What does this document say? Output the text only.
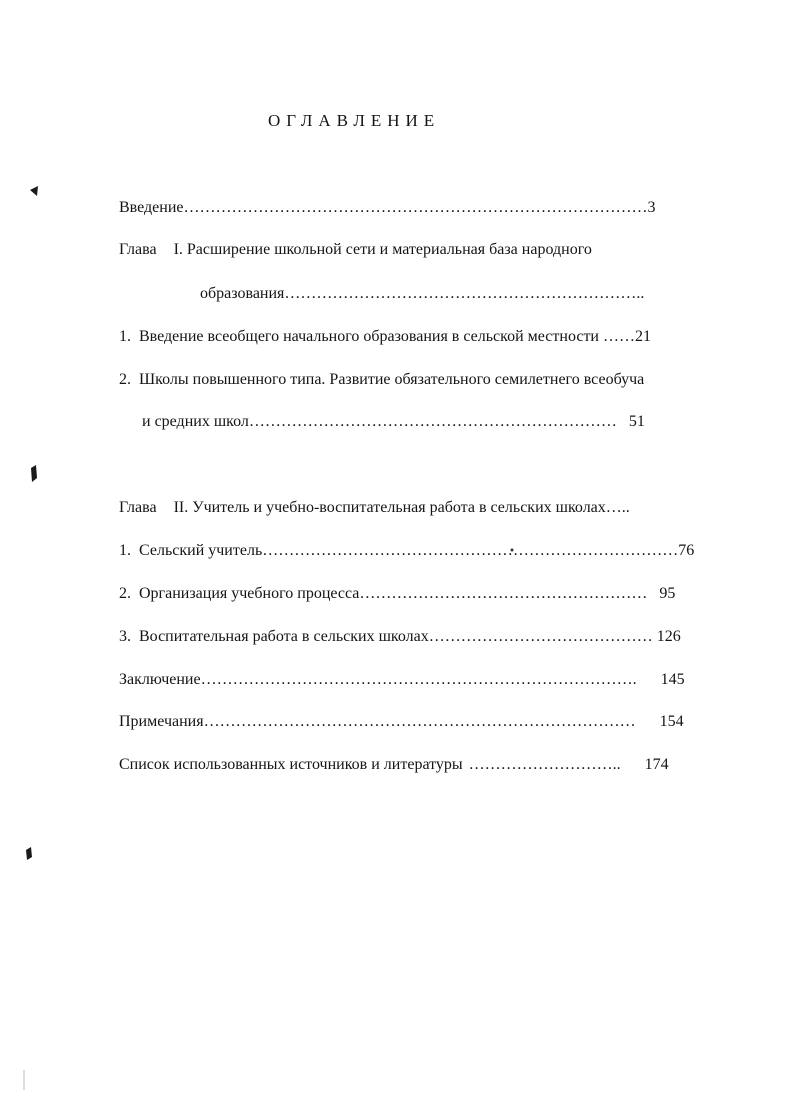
ОГЛАВЛЕНИЕ
Введение……………………………………………………………………………3
Глава I. Расширение школьной сети и материальная база народного
образования…………………………………………………………..
1. Введение всеобщего начального образования в сельской местности ……21
2. Школы повышенного типа. Развитие обязательного семилетнего всеобуча
и средних школ…………………………………………………………… 51
Глава II. Учитель и учебно-воспитательная работа в сельских школах…..
1. Сельский учитель……………………………………………………………………76
2. Организация учебного процесса……………………………………………… 95
3. Воспитательная работа в сельских школах…………………………………… 126
Заключение………………………………………………………………………. 145
Примечания……………………………………………………………………… 154
Список использованных источников и литературы ……………………….. 174
